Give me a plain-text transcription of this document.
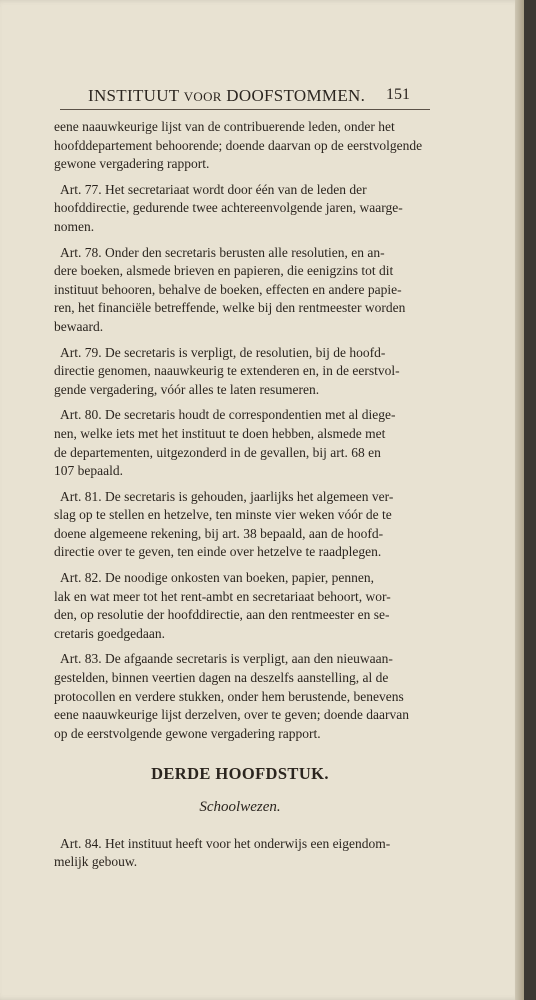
INSTITUUT VOOR DOOFSTOMMEN.	151
eene naauwkeurige lijst van de contribuerende leden, onder het
hoofddepartement behoorende; doende daarvan op de eerstvolgende
gewone vergadering rapport.
Art. 77. Het secretariaat wordt door één van de leden der
hoofddirectie, gedurende twee achtereenvolgende jaren, waarge-
nomen.
Art. 78. Onder den secretaris berusten alle resolutien, en an-
dere boeken, alsmede brieven en papieren, die eenigzins tot dit
instituut behooren, behalve de boeken, effecten en andere papie-
ren, het financiële betreffende, welke bij den rentmeester worden
bewaard.
Art. 79. De secretaris is verpligt, de resolutien, bij de hoofd-
directie genomen, naauwkeurig te extenderen en, in de eerstvol-
gende vergadering, vóór alles te laten resumeren.
Art. 80. De secretaris houdt de correspondentien met al diege-
nen, welke iets met het instituut te doen hebben, alsmede met
de departementen, uitgezonderd in de gevallen, bij art. 68 en
107 bepaald.
Art. 81. De secretaris is gehouden, jaarlijks het algemeen ver-
slag op te stellen en hetzelve, ten minste vier weken vóór de te
doene algemeene rekening, bij art. 38 bepaald, aan de hoofd-
directie over te geven, ten einde over hetzelve te raadplegen.
Art. 82. De noodige onkosten van boeken, papier, pennen,
lak en wat meer tot het rent-ambt en secretariaat behoort, wor-
den, op resolutie der hoofddirectie, aan den rentmeester en se-
cretaris goedgedaan.
Art. 83. De afgaande secretaris is verpligt, aan den nieuwaan-
gestelden, binnen veertien dagen na deszelfs aanstelling, al de
protocollen en verdere stukken, onder hem berustende, benevens
eene naauwkeurige lijst derzelven, over te geven; doende daarvan
op de eerstvolgende gewone vergadering rapport.
DERDE HOOFDSTUK.
Schoolwezen.
Art. 84. Het instituut heeft voor het onderwijs een eigendom-
melijk gebouw.
